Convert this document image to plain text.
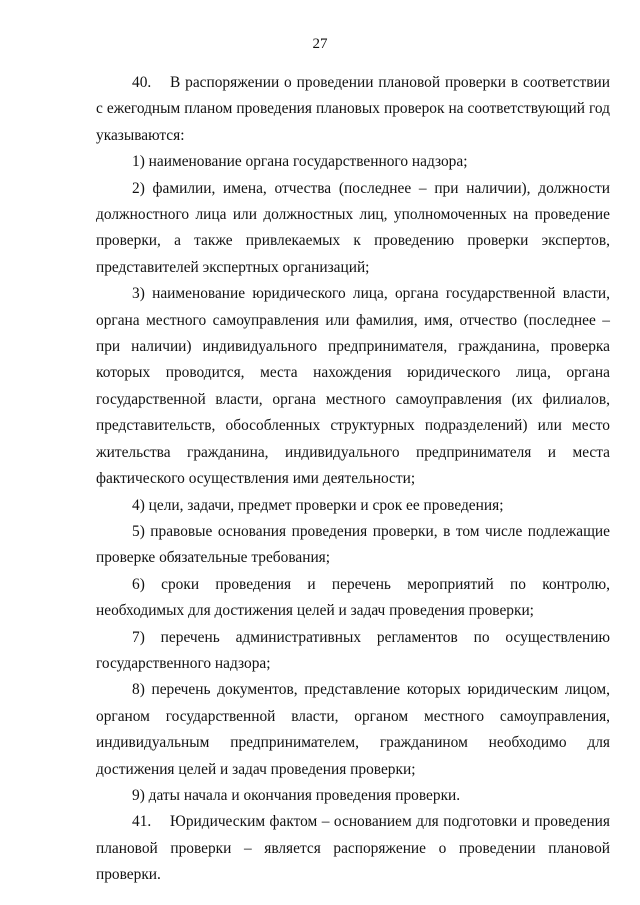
27

40. В распоряжении о проведении плановой проверки в соответствии с ежегодным планом проведения плановых проверок на соответствующий год указываются:

1) наименование органа государственного надзора;

2) фамилии, имена, отчества (последнее – при наличии), должности должностного лица или должностных лиц, уполномоченных на проведение проверки, а также привлекаемых к проведению проверки экспертов, представителей экспертных организаций;

3) наименование юридического лица, органа государственной власти, органа местного самоуправления или фамилия, имя, отчество (последнее – при наличии) индивидуального предпринимателя, гражданина, проверка которых проводится, места нахождения юридического лица, органа государственной власти, органа местного самоуправления (их филиалов, представительств, обособленных структурных подразделений) или место жительства гражданина, индивидуального предпринимателя и места фактического осуществления ими деятельности;

4) цели, задачи, предмет проверки и срок ее проведения;

5) правовые основания проведения проверки, в том числе подлежащие проверке обязательные требования;

6) сроки проведения и перечень мероприятий по контролю, необходимых для достижения целей и задач проведения проверки;

7) перечень административных регламентов по осуществлению государственного надзора;

8) перечень документов, представление которых юридическим лицом, органом государственной власти, органом местного самоуправления, индивидуальным предпринимателем, гражданином необходимо для достижения целей и задач проведения проверки;

9) даты начала и окончания проведения проверки.

41. Юридическим фактом – основанием для подготовки и проведения плановой проверки – является распоряжение о проведении плановой проверки.
